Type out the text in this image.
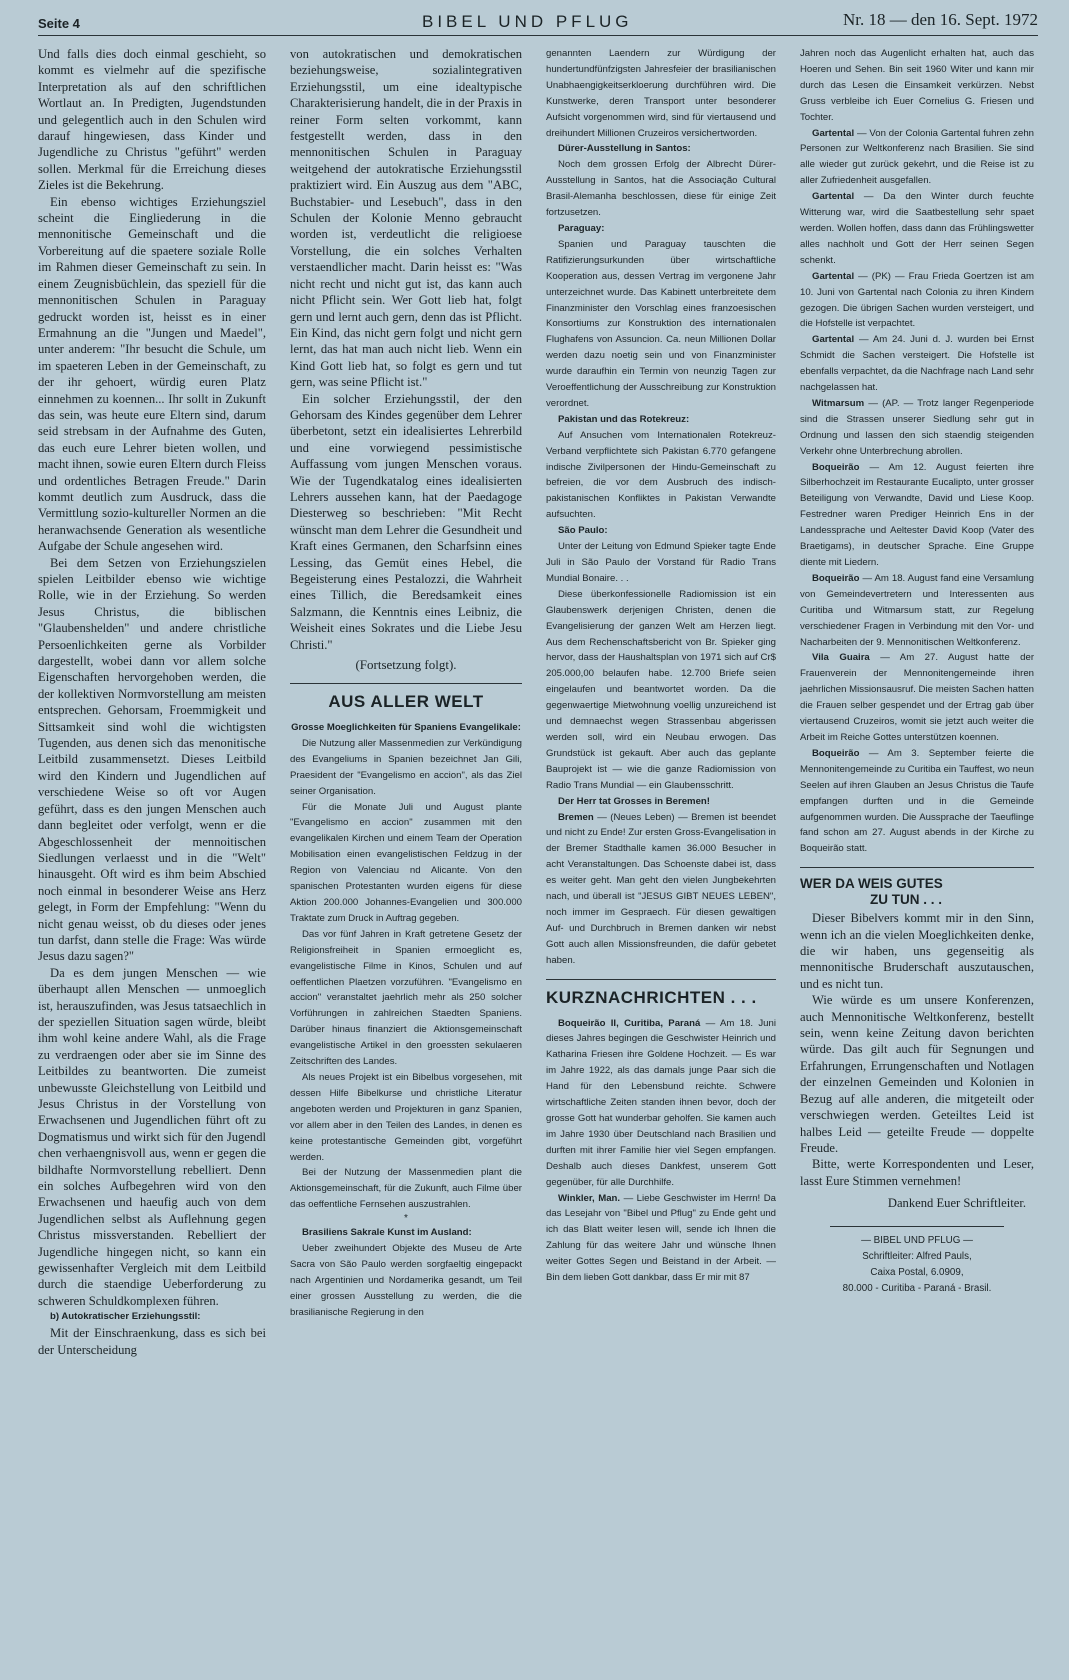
Seite 4	BIBEL UND PFLUG	Nr. 18 — den 16. Sept. 1972

Und falls dies doch einmal geschieht, so kommt es vielmehr auf die spezifische Interpretation als auf den schriftlichen Wortlaut an. In Predigten, Jugendstunden und gelegentlich auch in den Schulen wird darauf hingewiesen, dass Kinder und Jugendliche zu Christus "geführt" werden sollen. Merkmal für die Erreichung dieses Zieles ist die Bekehrung.

Ein ebenso wichtiges Erziehungsziel scheint die Eingliederung in die mennonitische Gemeinschaft und die Vorbereitung auf die spaetere soziale Rolle im Rahmen dieser Gemeinschaft zu sein. In einem Zeugnisbüchlein, das speziell für die mennonitischen Schulen in Paraguay gedruckt worden ist, heisst es in einer Ermahnung an die "Jungen und Maedel", unter anderem: "Ihr besucht die Schule, um im spaeteren Leben in der Gemeinschaft, zu der ihr gehoert, würdig euren Platz einnehmen zu koennen... Ihr sollt in Zukunft das sein, was heute eure Eltern sind, darum seid strebsam in der Aufnahme des Guten, das euch eure Lehrer bieten wollen, und macht ihnen, sowie euren Eltern durch Fleiss und ordentliches Betragen Freude." Darin kommt deutlich zum Ausdruck, dass die Vermittlung sozio-kultureller Normen an die heranwachsende Generation als wesentliche Aufgabe der Schule angesehen wird.

Bei dem Setzen von Erziehungszielen spielen Leitbilder ebenso wie wichtige Rolle, wie in der Erziehung. So werden Jesus Christus, die biblischen "Glaubenshelden" und andere christliche Persoenlichkeiten gerne als Vorbilder dargestellt, wobei dann vor allem solche Eigenschaften hervorgehoben werden, die der kollektiven Normvorstellung am meisten entsprechen. Gehorsam, Froemmigkeit und Sittsamkeit sind wohl die wichtigsten Tugenden, aus denen sich das menonitische Leitbild zusammensetzt. Dieses Leitbild wird den Kindern und Jugendlichen auf verschiedene Weise so oft vor Augen geführt, dass es den jungen Menschen auch dann begleitet oder verfolgt, wenn er die Abgeschlossenheit der mennoitischen Siedlungen verlaesst und in die "Welt" hinausgeht. Oft wird es ihm beim Abschied noch einmal in besonderer Weise ans Herz gelegt, in Form der Empfehlung: "Wenn du nicht genau weisst, ob du dieses oder jenes tun darfst, dann stelle die Frage: Was würde Jesus dazu sagen?"

Da es dem jungen Menschen — wie überhaupt allen Menschen — unmoeglich ist, herauszufinden, was Jesus tatsaechlich in der speziellen Situation sagen würde, bleibt ihm wohl keine andere Wahl, als die Frage zu verdraengen oder aber sie im Sinne des Leitbildes zu beantworten. Die zumeist unbewusste Gleichstellung von Leitbild und Jesus Christus in der Vorstellung von Erwachsenen und Jugendlichen führt oft zu Dogmatismus und wirkt sich für den Jugendl chen verhaengnisvoll aus, wenn er gegen die bildhafte Normvorstellung rebelliert. Denn ein solches Aufbegehren wird von den Erwachsenen und haeufig auch von dem Jugendlichen selbst als Auflehnung gegen Christus missverstanden. Rebelliert der Jugendliche hingegen nicht, so kann ein gewissenhafter Vergleich mit dem Leitbild durch die staendige Ueberforderung zu schweren Schuldkomplexen führen.

b) Autokratischer Erziehungsstil:

Mit der Einschraenkung, dass es sich bei der Unterscheidung

von autokratischen und demokratischen beziehungsweise, sozialintegrativen Erziehungsstil, um eine idealtypische Charakterisierung handelt, die in der Praxis in reiner Form selten vorkommt, kann festgestellt werden, dass in den mennonitischen Schulen in Paraguay weitgehend der autokratische Erziehungsstil praktiziert wird. Ein Auszug aus dem "ABC, Buchstabier- und Lesebuch", dass in den Schulen der Kolonie Menno gebraucht worden ist, verdeutlicht die religioese Vorstellung, die ein solches Verhalten verstaendlicher macht. Darin heisst es: "Was nicht recht und nicht gut ist, das kann auch nicht Pflicht sein. Wer Gott lieb hat, folgt gern und lernt auch gern, denn das ist Pflicht. Ein Kind, das nicht gern folgt und nicht gern lernt, das hat man auch nicht lieb. Wenn ein Kind Gott lieb hat, so folgt es gern und tut gern, was seine Pflicht ist."

Ein solcher Erziehungsstil, der den Gehorsam des Kindes gegenüber dem Lehrer überbetont, setzt ein idealisiertes Lehrerbild und eine vorwiegend pessimistische Auffassung vom jungen Menschen voraus. Wie der Tugendkatalog eines idealisierten Lehrers aussehen kann, hat der Paedagoge Diesterweg so beschrieben: "Mit Recht wünscht man dem Lehrer die Gesundheit und Kraft eines Germanen, den Scharfsinn eines Lessing, das Gemüt eines Hebel, die Begeisterung eines Pestalozzi, die Wahrheit eines Tillich, die Beredsamkeit eines Salzmann, die Kenntnis eines Leibniz, die Weisheit eines Sokrates und die Liebe Jesu Christi."

(Fortsetzung folgt).
AUS ALLER WELT
Grosse Moeglichkeiten für Spaniens Evangelikale:

Die Nutzung aller Massenmedien zur Verkündigung des Evangeliums in Spanien bezeichnet Jan Gili, Praesident der "Evangelismo en accion", als das Ziel seiner Organisation.

Für die Monate Juli und August plante "Evangelismo en accion" zusammen mit den evangelikalen Kirchen und einem Team der Operation Mobilisation einen evangelistischen Feldzug in der Region von Valenciau nd Alicante. Von den spanischen Protestanten wurden eigens für diese Aktion 200.000 Johannes-Evangelien und 300.000 Traktate zum Druck in Auftrag gegeben.

Das vor fünf Jahren in Kraft getretene Gesetz der Religionsfreiheit in Spanien ermoeglicht es, evangelistische Filme in Kinos, Schulen und auf oeffentlichen Plaetzen vorzuführen. "Evangelismo en accion" veranstaltet jaehrlich mehr als 250 solcher Vorführungen in zahlreichen Staedten Spaniens. Darüber hinaus finanziert die Aktionsgemeinschaft evangelistische Artikel in den groessten sekulaeren Zeitschriften des Landes.

Als neues Projekt ist ein Bibelbus vorgesehen, mit dessen Hilfe Bibelkurse und christliche Literatur angeboten werden und Projekturen in ganz Spanien, vor allem aber in den Teilen des Landes, in denen es keine protestantische Gemeinden gibt, vorgeführt werden.

Bei der Nutzung der Massenmedien plant die Aktionsgemeinschaft, für die Zukunft, auch Filme über das oeffentliche Fernsehen auszustrahlen.

*
Brasiliens Sakrale Kunst im Ausland:

Ueber zweihundert Objekte des Museu de Arte Sacra von São Paulo werden sorgfaeltig eingepackt nach Argentinien und Nordamerika gesandt, um Teil einer grossen Ausstellung zu werden, die die brasilianische Regierung in den

genannten Laendern zur Würdigung der hundertundfünfzigsten Jahresfeier der brasilianischen Unabhaengigkeitserkloerung durchführen wird. Die Kunstwerke, deren Transport unter besonderer Aufsicht vorgenommen wird, sind für viertausend und dreihundert Millionen Cruzeiros versichertworden.

Dürer-Ausstellung in Santos:

Noch dem grossen Erfolg der Albrecht Dürer-Ausstellung in Santos, hat die Associação Cultural Brasil-Alemanha beschlossen, diese für einige Zeit fortzusetzen.

Paraguay:

Spanien und Paraguay tauschten die Ratifizierungsurkunden über wirtschaftliche Kooperation aus, dessen Vertrag im vergonene Jahr unterzeichnet wurde. Das Kabinett unterbreitete dem Finanzminister den Vorschlag eines franzoesischen Konsortiums zur Konstruktion des internationalen Flughafens von Assuncion. Ca. neun Millionen Dollar werden dazu noetig sein und von Finanzminister wurde daraufhin ein Termin von neunzig Tagen zur Veroeffentlichung der Ausschreibung zur Konstruktion verordnet.

Pakistan und das Rotekreuz:

Auf Ansuchen vom Internationalen Rotekreuz-Verband verpflichtete sich Pakistan 6.770 gefangene indische Zivilpersonen der Hindu-Gemeinschaft zu befreien, die vor dem Ausbruch des indisch-pakistanischen Konfliktes in Pakistan Verwandte aufsuchten.

São Paulo:

Unter der Leitung von Edmund Spieker tagte Ende Juli in São Paulo der Vorstand für Radio Trans Mundial Bonaire. . .

Diese überkonfessionelle Radiomission ist ein Glaubenswerk derjenigen Christen, denen die Evangelisierung der ganzen Welt am Herzen liegt. Aus dem Rechenschaftsbericht von Br. Spieker ging hervor, dass der Haushaltsplan von 1971 sich auf Cr$ 205.000,00 belaufen habe. 12.700 Briefe seien eingelaufen und beantwortet worden. Da die gegenwaertige Mietwohnung voellig unzureichend ist und demnaechst wegen Strassenbau abgerissen werden soll, wird ein Neubau erwogen. Das Grundstück ist gekauft. Aber auch das geplante Bauprojekt ist — wie die ganze Radiomission von Radio Trans Mundial — ein Glaubensschritt.

Der Herr tat Grosses in Beremen!

Bremen — (Neues Leben) — Bremen ist beendet und nicht zu Ende! Zur ersten Gross-Evangelisation in der Bremer Stadthalle kamen 36.000 Besucher in acht Veranstaltungen. Das Schoenste dabei ist, dass es weiter geht. Man geht den vielen Jungbekehrten nach, und überall ist "JESUS GIBT NEUES LEBEN", noch immer im Gespraech. Für diesen gewaltigen Auf- und Durchbruch in Bremen danken wir nebst Gott auch allen Missionsfreunden, die dafür gebetet haben.

KURZNACHRICHTEN . . .

Boqueirão II, Curitiba, Paraná — Am 18. Juni dieses Jahres begingen die Geschwister Heinrich und Katharina Friesen ihre Goldene Hochzeit. — Es war im Jahre 1922, als das damals junge Paar sich die Hand für den Lebensbund reichte. Schwere wirtschaftliche Zeiten standen ihnen bevor, doch der grosse Gott hat wunderbar geholfen. Sie kamen auch im Jahre 1930 über Deutschland nach Brasilien und durften mit ihrer Familie hier viel Segen empfangen. Deshalb auch dieses Dankfest, unserem Gott gegenüber, für alle Durchhilfe.

Winkler, Man. — Liebe Geschwister im Herrn! Da das Lesejahr von "Bibel und Pflug" zu Ende geht und ich das Blatt weiter lesen will, sende ich Ihnen die Zahlung für das weitere Jahr und wünsche Ihnen weiter Gottes Segen und Beistand in der Arbeit. — Bin dem lieben Gott dankbar, dass Er mir mit 87

Jahren noch das Augenlicht erhalten hat, auch das Hoeren und Sehen. Bin seit 1960 Witer und kann mir durch das Lesen die Einsamkeit verkürzen. Nebst Gruss verbleibe ich Euer Cornelius G. Friesen und Tochter.

Gartental — Von der Colonia Gartental fuhren zehn Personen zur Weltkonferenz nach Brasilien. Sie sind alle wieder gut zurück gekehrt, und die Reise ist zu aller Zufriedenheit ausgefallen.

Gartental — Da den Winter durch feuchte Witterung war, wird die Saatbestellung sehr spaet werden. Wollen hoffen, dass dann das Frühlingswetter alles nachholt und Gott der Herr seinen Segen schenkt.

Gartental — (PK) — Frau Frieda Goertzen ist am 10. Juni von Gartental nach Colonia zu ihren Kindern gezogen. Die übrigen Sachen wurden versteigert, und die Hofstelle ist verpachtet.

Gartental — Am 24. Juni d. J. wurden bei Ernst Schmidt die Sachen versteigert. Die Hofstelle ist ebenfalls verpachtet, da die Nachfrage nach Land sehr nachgelassen hat.

Witmarsum — (AP. — Trotz langer Regenperiode sind die Strassen unserer Siedlung sehr gut in Ordnung und lassen den sich staendig steigenden Verkehr ohne Unterbrechung abrollen.

Boqueirão — Am 12. August feierten ihre Silberhochzeit im Restaurante Eucalipto, unter grosser Beteiligung von Verwandte, David und Liese Koop. Festredner waren Prediger Heinrich Ens in der Landessprache und Aeltester David Koop (Vater des Braetigams), in deutscher Sprache. Eine Gruppe diente mit Liedern.

Boqueirão — Am 18. August fand eine Versamlung von Gemeindevertretern und Interessenten aus Curitiba und Witmarsum statt, zur Regelung verschiedener Fragen in Verbindung mit den Vor- und Nacharbeiten der 9. Mennonitischen Weltkonferenz.

Vila Guaira — Am 27. August hatte der Frauenverein der Mennonitengemeinde ihren jaehrlichen Missionsausruf. Die meisten Sachen hatten die Frauen selber gespendet und der Ertrag gab über viertausend Cruzeiros, womit sie jetzt auch weiter die Arbeit im Reiche Gottes unterstützen koennen.

Boqueirão — Am 3. September feierte die Mennonitengemeinde zu Curitiba ein Tauffest, wo neun Seelen auf ihren Glauben an Jesus Christus die Taufe empfangen durften und in die Gemeinde aufgenommen wurden. Die Aussprache der Taeuflinge fand schon am 27. August abends in der Kirche zu Boqueirão statt.

WER DA WEIS GUTES
ZU TUN . . .

Dieser Bibelvers kommt mir in den Sinn, wenn ich an die vielen Moeglichkeiten denke, die wir haben, uns gegenseitig als mennonitische Bruderschaft auszutauschen, und es nicht tun.

Wie würde es um unsere Konferenzen, auch Mennonitische Weltkonferenz, bestellt sein, wenn keine Zeitung davon berichten würde. Das gilt auch für Segnungen und Erfahrungen, Errungenschaften und Notlagen der einzelnen Gemeinden und Kolonien in Bezug auf alle anderen, die mitgeteilt oder verschwiegen werden. Geteiltes Leid ist halbes Leid — geteilte Freude — doppelte Freude.

Bitte, werte Korrespondenten und Leser, lasst Eure Stimmen vernehmen!

Dankend Euer Schriftleiter.
— BIBEL UND PFLUG —
Schriftleiter: Alfred Pauls,
Caixa Postal, 6.0909,
80.000 - Curitiba - Paraná - Brasil.
